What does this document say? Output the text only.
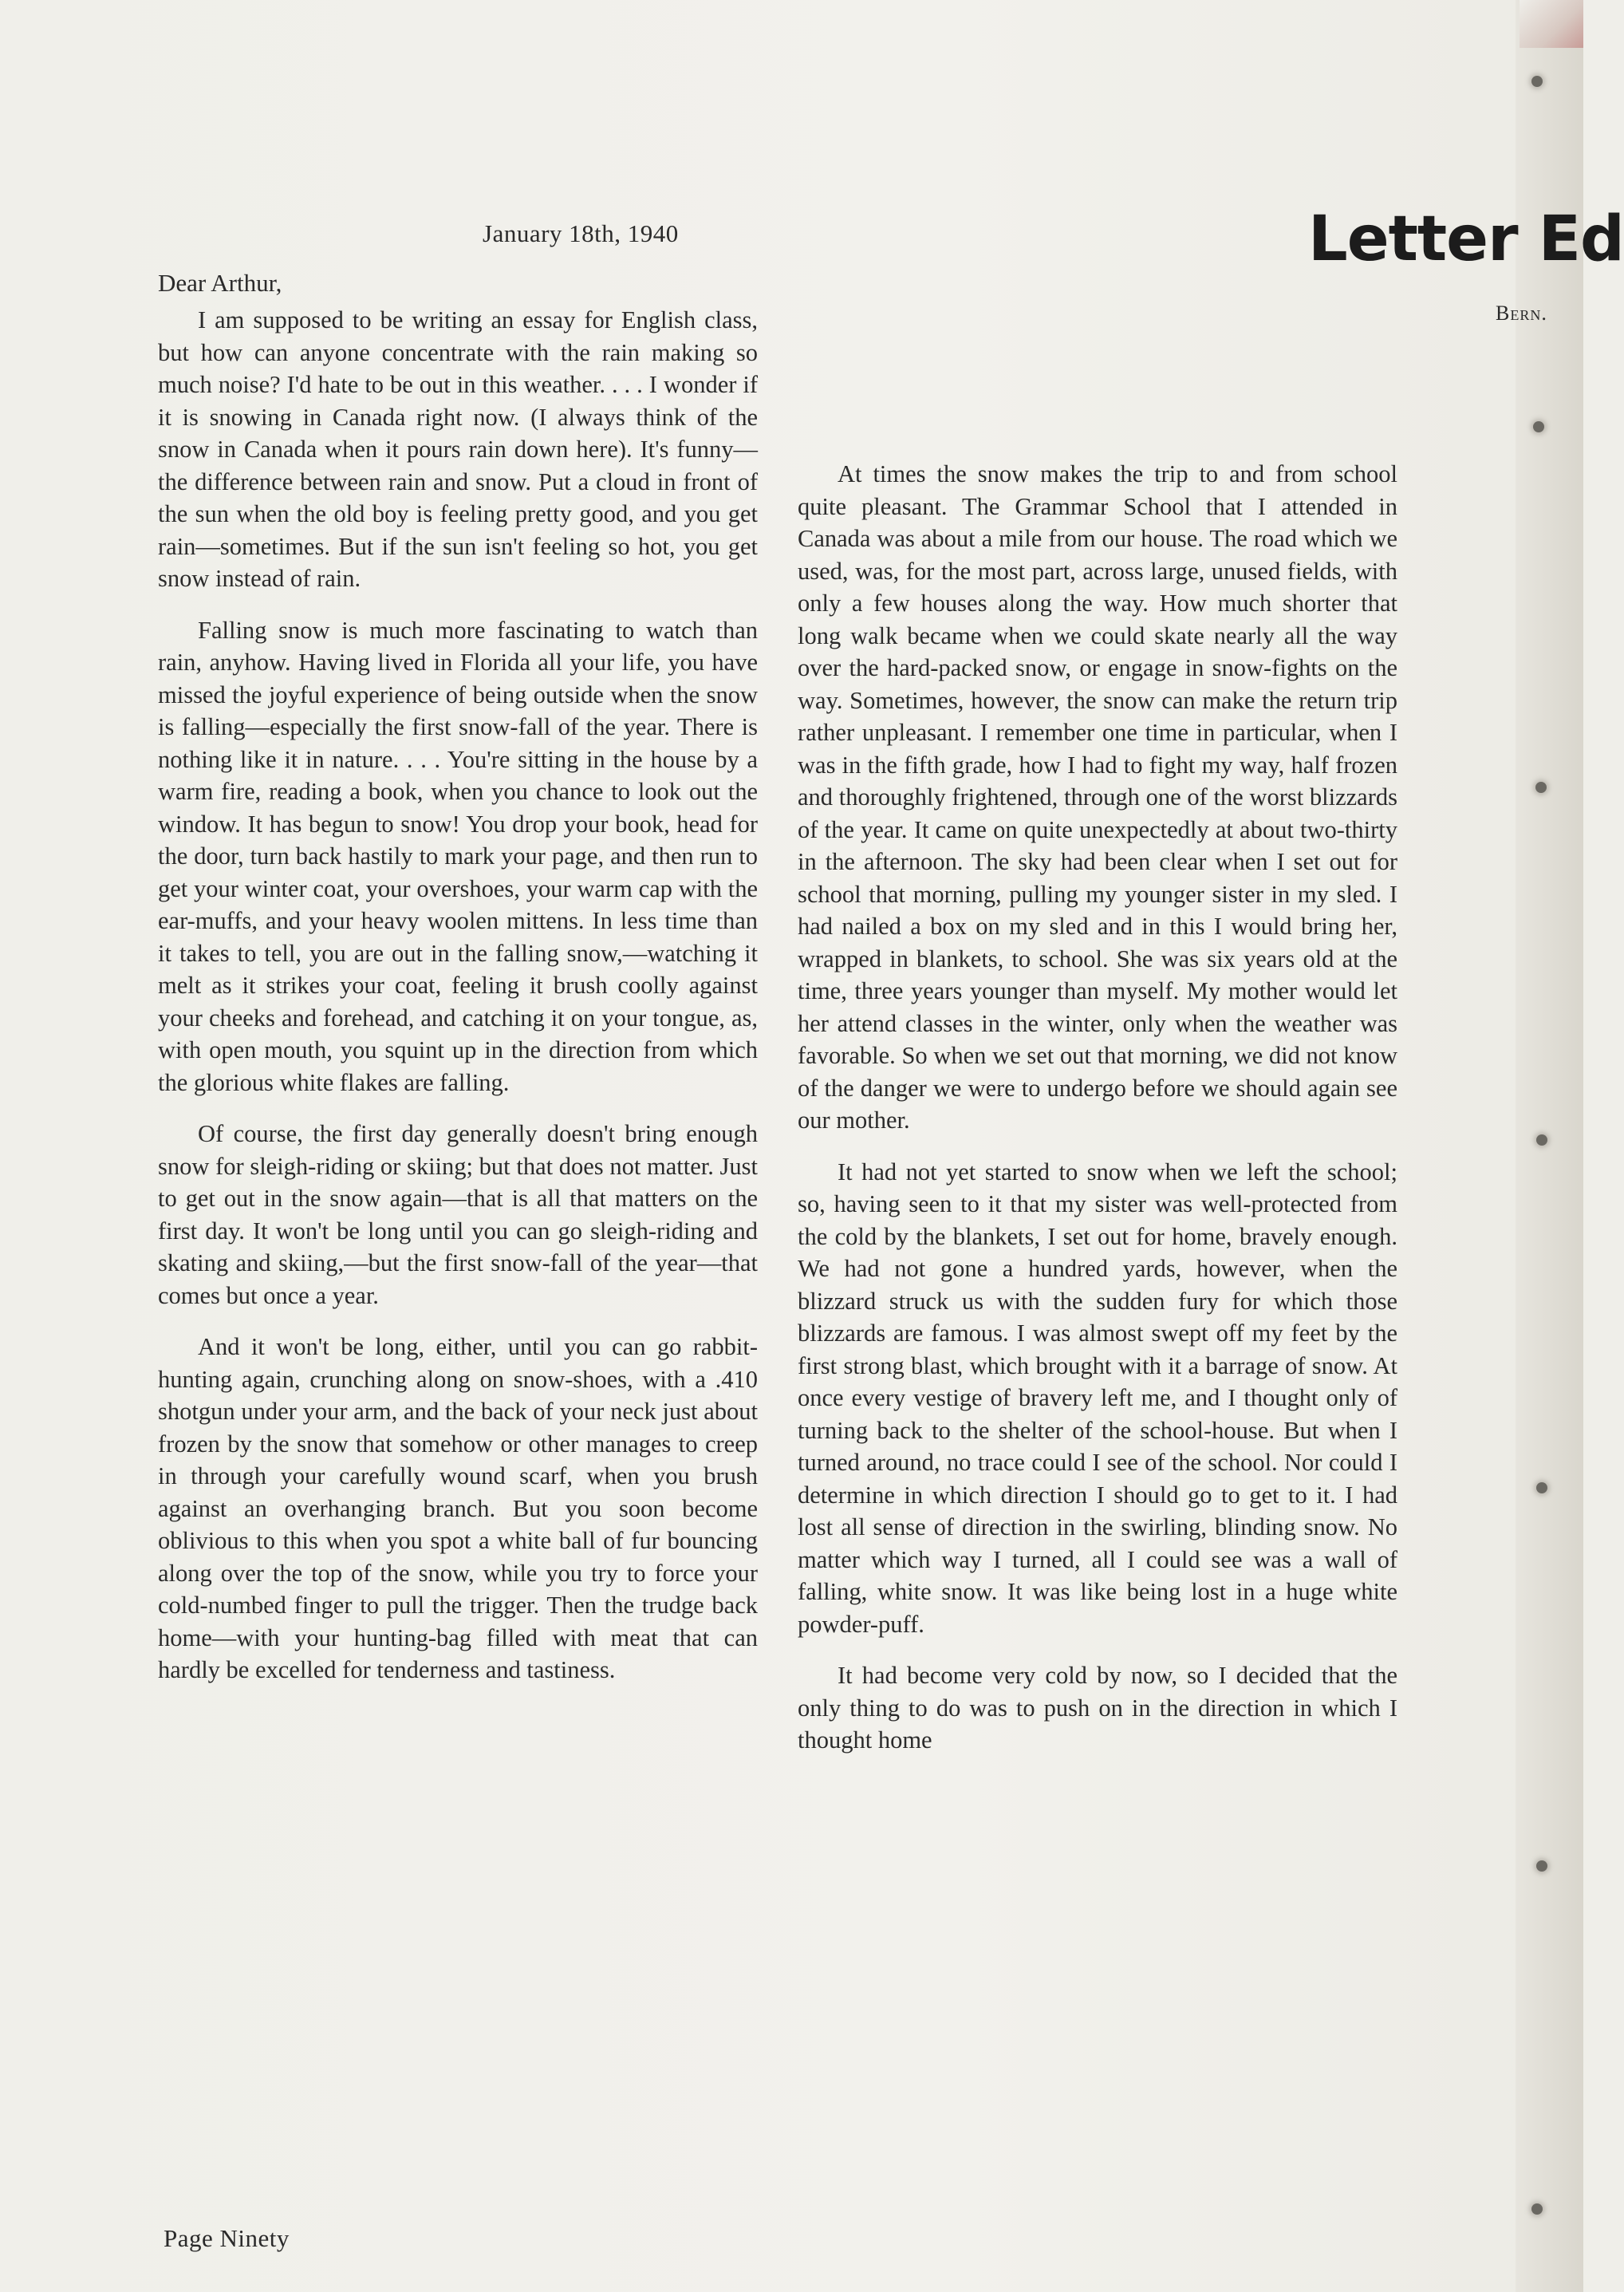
Letter Ed
Bern.
January 18th, 1940
Dear Arthur,

I am supposed to be writing an essay for English class, but how can anyone concentrate with the rain making so much noise? I'd hate to be out in this weather. . . . I wonder if it is snowing in Canada right now. (I always think of the snow in Canada when it pours rain down here). It's funny—the difference between rain and snow. Put a cloud in front of the sun when the old boy is feeling pretty good, and you get rain—sometimes. But if the sun isn't feeling so hot, you get snow instead of rain.

Falling snow is much more fascinating to watch than rain, anyhow. Having lived in Florida all your life, you have missed the joyful experience of being outside when the snow is falling—especially the first snow-fall of the year. There is nothing like it in nature. . . . You're sitting in the house by a warm fire, reading a book, when you chance to look out the window. It has begun to snow! You drop your book, head for the door, turn back hastily to mark your page, and then run to get your winter coat, your overshoes, your warm cap with the ear-muffs, and your heavy woolen mittens. In less time than it takes to tell, you are out in the falling snow,—watching it melt as it strikes your coat, feeling it brush coolly against your cheeks and forehead, and catching it on your tongue, as, with open mouth, you squint up in the direction from which the glorious white flakes are falling.

Of course, the first day generally doesn't bring enough snow for sleigh-riding or skiing; but that does not matter. Just to get out in the snow again—that is all that matters on the first day. It won't be long until you can go sleigh-riding and skating and skiing,—but the first snow-fall of the year—that comes but once a year.

And it won't be long, either, until you can go rabbit-hunting again, crunching along on snow-shoes, with a .410 shotgun under your arm, and the back of your neck just about frozen by the snow that somehow or other manages to creep in through your carefully wound scarf, when you brush against an overhanging branch. But you soon become oblivious to this when you spot a white ball of fur bouncing along over the top of the snow, while you try to force your cold-numbed finger to pull the trigger. Then the trudge back home—with your hunting-bag filled with meat that can hardly be excelled for tenderness and tastiness.

At times the snow makes the trip to and from school quite pleasant. The Grammar School that I attended in Canada was about a mile from our house. The road which we used, was, for the most part, across large, unused fields, with only a few houses along the way. How much shorter that long walk became when we could skate nearly all the way over the hard-packed snow, or engage in snow-fights on the way. Sometimes, however, the snow can make the return trip rather unpleasant. I remember one time in particular, when I was in the fifth grade, how I had to fight my way, half frozen and thoroughly frightened, through one of the worst blizzards of the year. It came on quite unexpectedly at about two-thirty in the afternoon. The sky had been clear when I set out for school that morning, pulling my younger sister in my sled. I had nailed a box on my sled and in this I would bring her, wrapped in blankets, to school. She was six years old at the time, three years younger than myself. My mother would let her attend classes in the winter, only when the weather was favorable. So when we set out that morning, we did not know of the danger we were to undergo before we should again see our mother.

It had not yet started to snow when we left the school; so, having seen to it that my sister was well-protected from the cold by the blankets, I set out for home, bravely enough. We had not gone a hundred yards, however, when the blizzard struck us with the sudden fury for which those blizzards are famous. I was almost swept off my feet by the first strong blast, which brought with it a barrage of snow. At once every vestige of bravery left me, and I thought only of turning back to the shelter of the school-house. But when I turned around, no trace could I see of the school. Nor could I determine in which direction I should go to get to it. I had lost all sense of direction in the swirling, blinding snow. No matter which way I turned, all I could see was a wall of falling, white snow. It was like being lost in a huge white powder-puff.

It had become very cold by now, so I decided that the only thing to do was to push on in the direction in which I thought home

Page Ninety
